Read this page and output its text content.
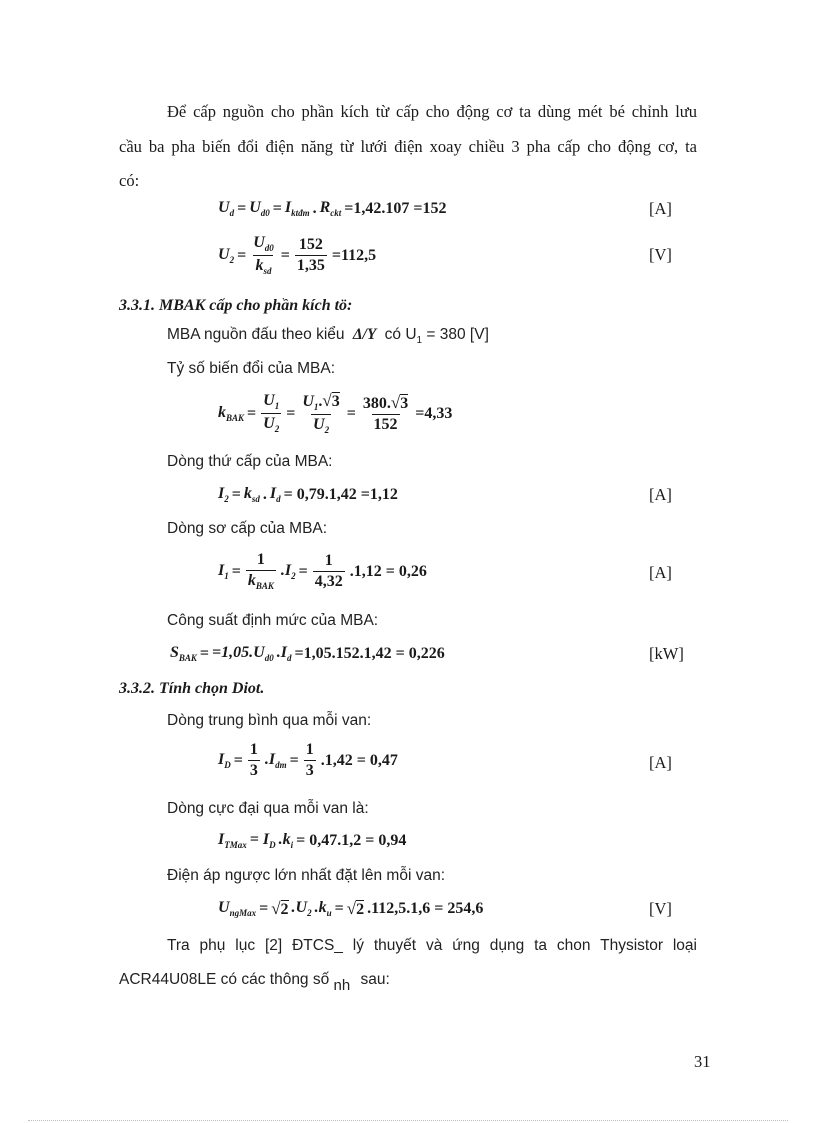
Để cấp nguồn cho phần kích từ cấp cho động cơ ta dùng mét bé chỉnh lưu
cầu ba pha biến đổi điện năng từ lưới điện xoay chiều 3 pha cấp cho động cơ, ta
có:
$U_d = U_{d0} = I_{ktđm}$ . $R_{ckt} =1,42.107 =152$	[A]
$U_2 = \frac{U_{d0}}{k_{sd}} = \frac{152}{1,35} =112,5$	[V]
3.3.1. MBAK cấp cho phần kích tö:
MBA nguồn đấu theo kiểu Δ/Y có $U_1 = 380$ [V]
Tỷ số biến đổi của MBA:
$k_{BAK} = \frac{U_1}{U_2} = \frac{U_1. √ 3}{U_2} = \frac{380. √ 3}{152} =4,33$
Dòng thứ cấp của MBA:
$I_2 = k_{sd}$ . $I_d = 0,79.1,42 =1,12$	[A]
Dòng sơ cấp của MBA:
$I_1 = \frac{1}{k_{BAK}} .I_2 = \frac{1}{4,32} .1,12 = 0,26$	[A]
Công suất định mức của MBA:
$S_{BAK} = =1,05.U_{d0}$ $.I_d =1,05.152.1,42 = 0,226$	[kW]
3.3.2. Tính chọn Diot.
Dòng trung bình qua mỗi van:
$I_D = \frac{1}{3} .I_{dm} = \frac{1}{3} .1,42 = 0,47$	[A]
Dòng cực đại qua mỗi van là:
$I_{TMax} = I_D$ $.k_i = 0,47.1,2 = 0,94$
Điện áp ngược lớn nhất đặt lên mỗi van:
$U_{ngMax}$ = √ 2 $.U_2$ $.k_u$ = √ 2 .112,5.1,6 = 254,6	[V]
Tra phụ lục [2] ĐTCS_ lý thuyết và ứng dụng ta chon Thysistor loại
ACR44U08LE có các thông số nh sau:
31
